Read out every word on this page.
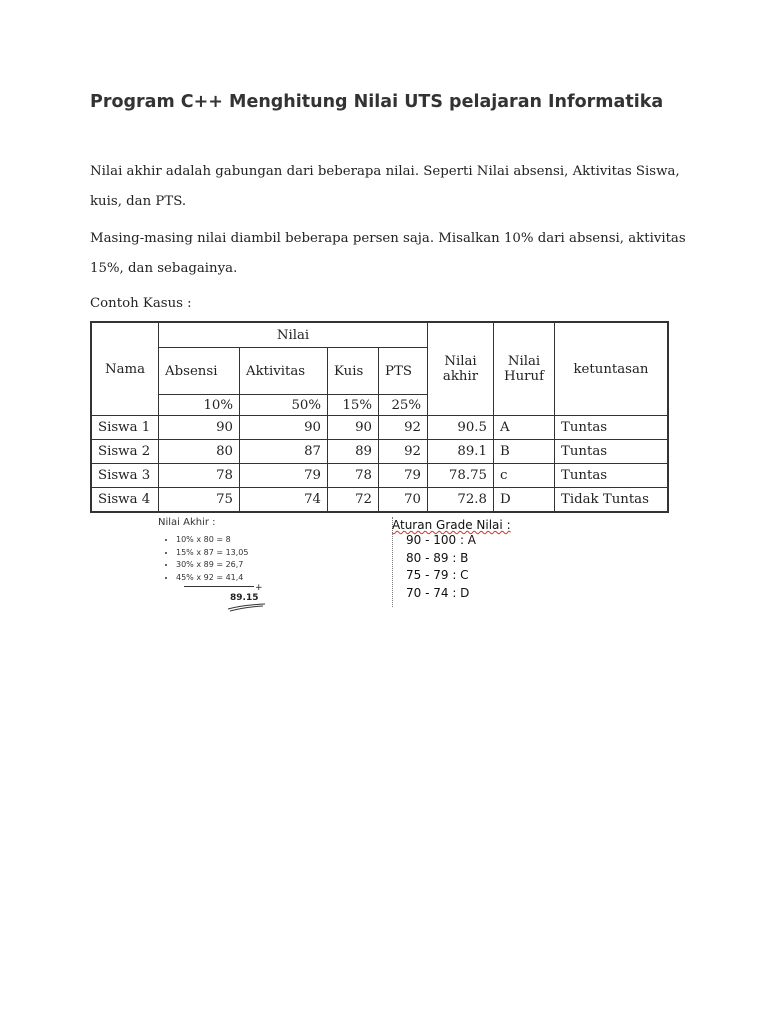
Program C++ Menghitung Nilai UTS pelajaran Informatika
Nilai akhir adalah gabungan dari beberapa nilai. Seperti Nilai absensi, Aktivitas Siswa, kuis, dan PTS.
Masing-masing nilai diambil beberapa persen saja. Misalkan 10% dari absensi, aktivitas 15%, dan sebagainya.
Contoh Kasus :
Nama	Nilai				Nilai akhir	Nilai Huruf	ketuntasan
	Absensi	Aktivitas	Kuis	PTS			
	10%	50%	15%	25%			
Siswa 1	90	90	90	92	90.5	A	Tuntas
Siswa 2	80	87	89	92	89.1	B	Tuntas
Siswa 3	78	79	78	79	78.75	c	Tuntas
Siswa 4	75	74	72	70	72.8	D	Tidak Tuntas
Nilai Akhir :
• 10% x 80 = 8
• 15% x 87 = 13,05
• 30% x 89 = 26,7
• 45% x 92 = 41,4
+
89.15
Aturan Grade Nilai :
90 - 100 : A
80 - 89 : B
75 - 79 : C
70 - 74 : D
